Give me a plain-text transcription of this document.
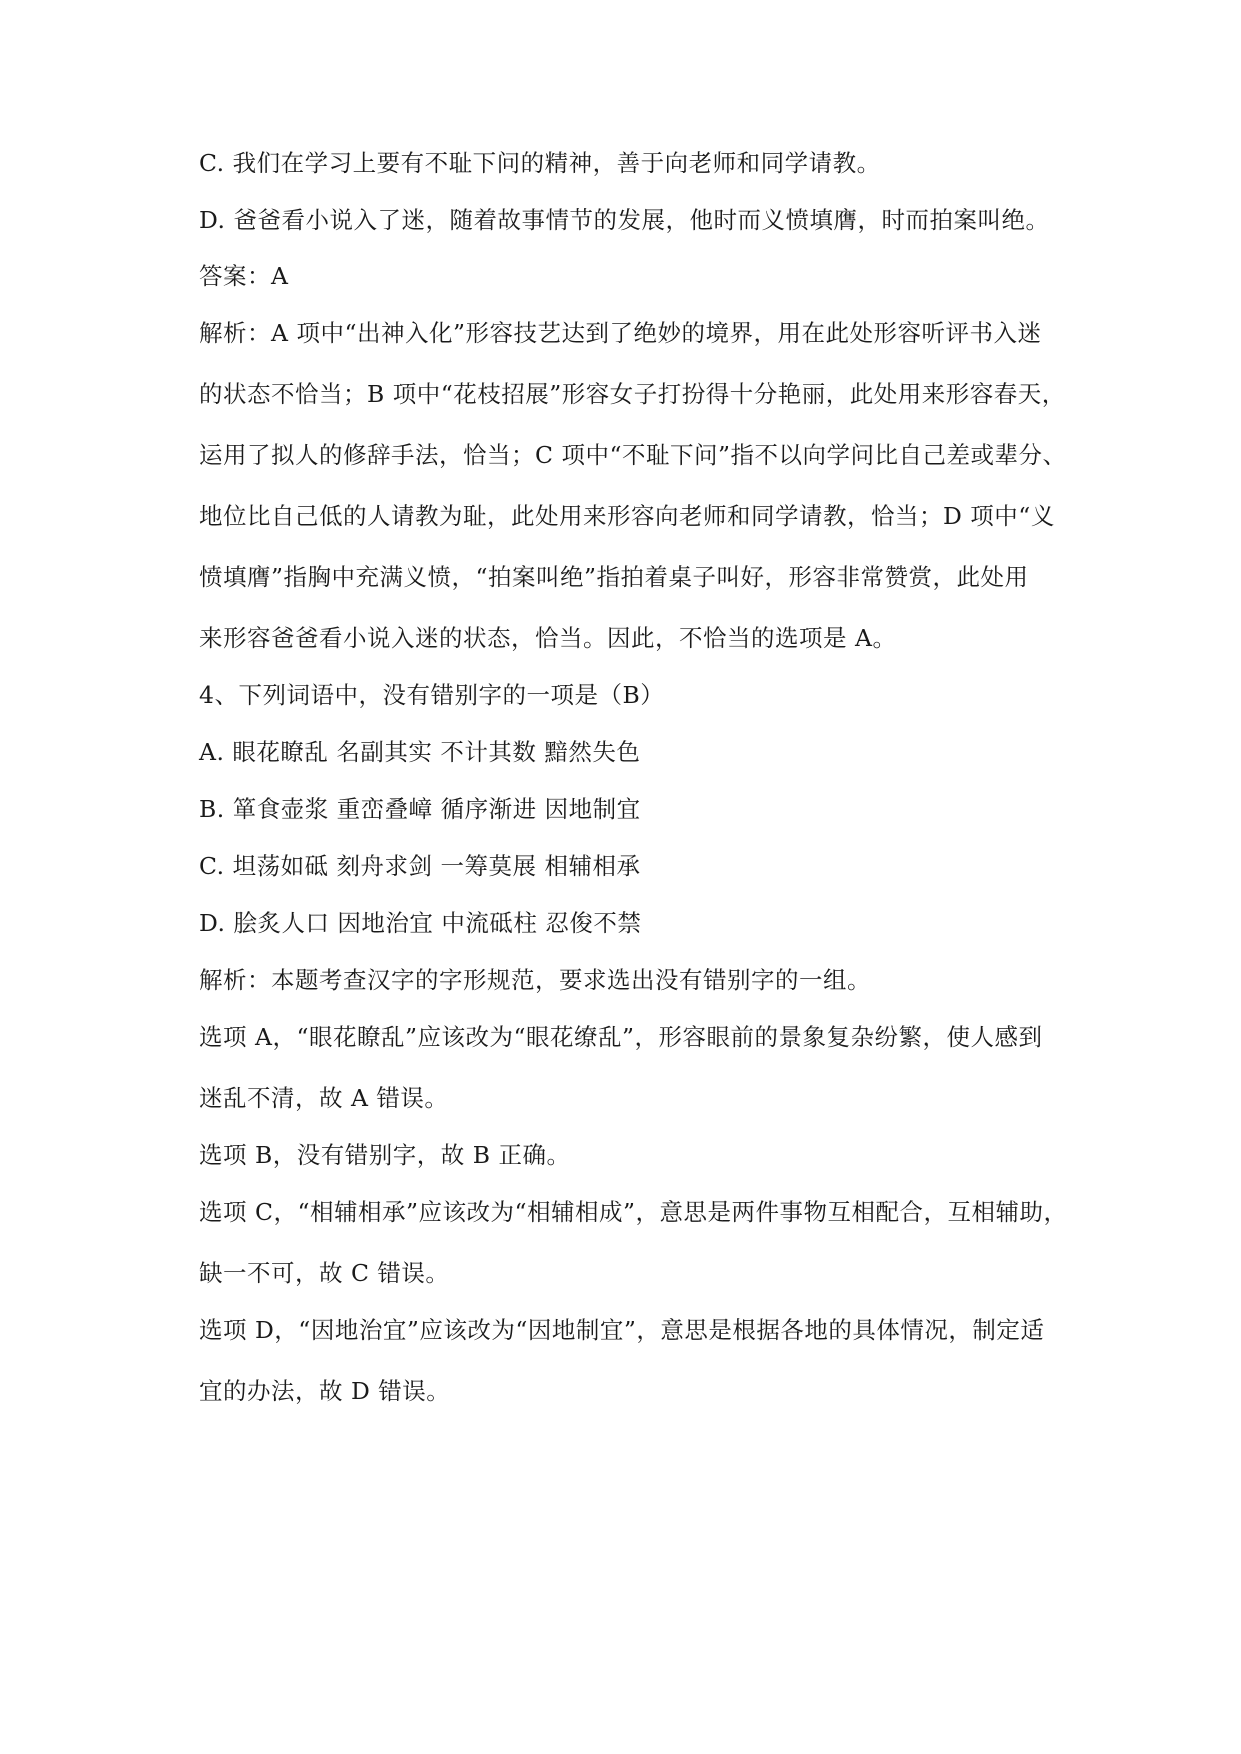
C. 我们在学习上要有不耻下问的精神，善于向老师和同学请教。

D. 爸爸看小说入了迷，随着故事情节的发展，他时而义愤填膺，时而拍案叫绝。

答案：A

解析：A 项中“出神入化”形容技艺达到了绝妙的境界，用在此处形容听评书入迷

的状态不恰当；B 项中“花枝招展”形容女子打扮得十分艳丽，此处用来形容春天，

运用了拟人的修辞手法，恰当；C 项中“不耻下问”指不以向学问比自己差或辈分、

地位比自己低的人请教为耻，此处用来形容向老师和同学请教，恰当；D 项中“义

愤填膺”指胸中充满义愤，“拍案叫绝”指拍着桌子叫好，形容非常赞赏，此处用

来形容爸爸看小说入迷的状态，恰当。因此，不恰当的选项是 A。

4、下列词语中，没有错别字的一项是（B）

A. 眼花瞭乱 名副其实 不计其数 黯然失色

B. 箪食壶浆 重峦叠嶂 循序渐进 因地制宜

C. 坦荡如砥 刻舟求剑 一筹莫展 相辅相承

D. 脍炙人口 因地治宜 中流砥柱 忍俊不禁

解析：本题考查汉字的字形规范，要求选出没有错别字的一组。

选项 A，“眼花瞭乱”应该改为“眼花缭乱”，形容眼前的景象复杂纷繁，使人感到

迷乱不清，故 A 错误。

选项 B，没有错别字，故 B 正确。

选项 C，“相辅相承”应该改为“相辅相成”，意思是两件事物互相配合，互相辅助，

缺一不可，故 C 错误。

选项 D，“因地治宜”应该改为“因地制宜”，意思是根据各地的具体情况，制定适

宜的办法，故 D 错误。
